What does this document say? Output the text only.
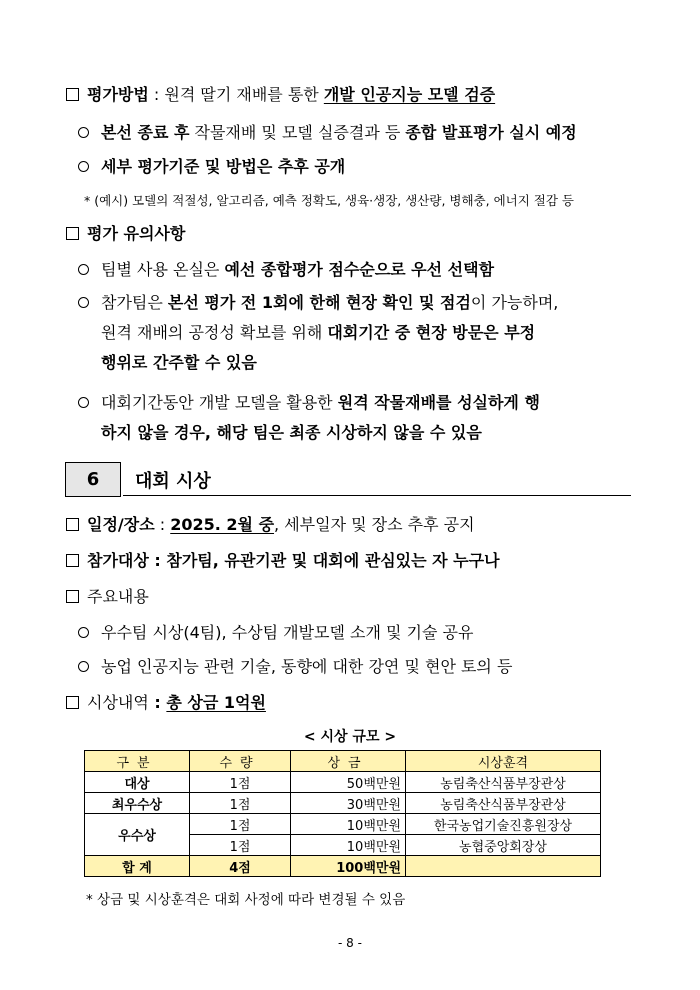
평가방법 : 원격 딸기 재배를 통한 개발 인공지능 모델 검증
본선 종료 후 작물재배 및 모델 실증결과 등 종합 발표평가 실시 예정
세부 평가기준 및 방법은 추후 공개
* (예시) 모델의 적절성, 알고리즘, 예측 정확도, 생육·생장, 생산량, 병해충, 에너지 절감 등
평가 유의사항
팀별 사용 온실은 예선 종합평가 점수순으로 우선 선택함
참가팀은 본선 평가 전 1회에 한해 현장 확인 및 점검이 가능하며,
원격 재배의 공정성 확보를 위해 대회기간 중 현장 방문은 부정
행위로 간주할 수 있음
대회기간동안 개발 모델을 활용한 원격 작물재배를 성실하게 행
하지 않을 경우, 해당 팀은 최종 시상하지 않을 수 있음
6	대회 시상
일정/장소 : 2025. 2월 중, 세부일자 및 장소 추후 공지
참가대상 : 참가팀, 유관기관 및 대회에 관심있는 자 누구나
주요내용
우수팀 시상(4팀), 수상팀 개발모델 소개 및 기술 공유
농업 인공지능 관련 기술, 동향에 대한 강연 및 현안 토의 등
시상내역 : 총 상금 1억원
< 시상 규모 >
구분	수량	상금	시상훈격
대상	1점	50백만원	농림축산식품부장관상
최우수상	1점	30백만원	농림축산식품부장관상
우수상	1점	10백만원	한국농업기술진흥원장상
	1점	10백만원	농협중앙회장상
합 계	4점	100백만원	
* 상금 및 시상훈격은 대회 사정에 따라 변경될 수 있음
- 8 -
